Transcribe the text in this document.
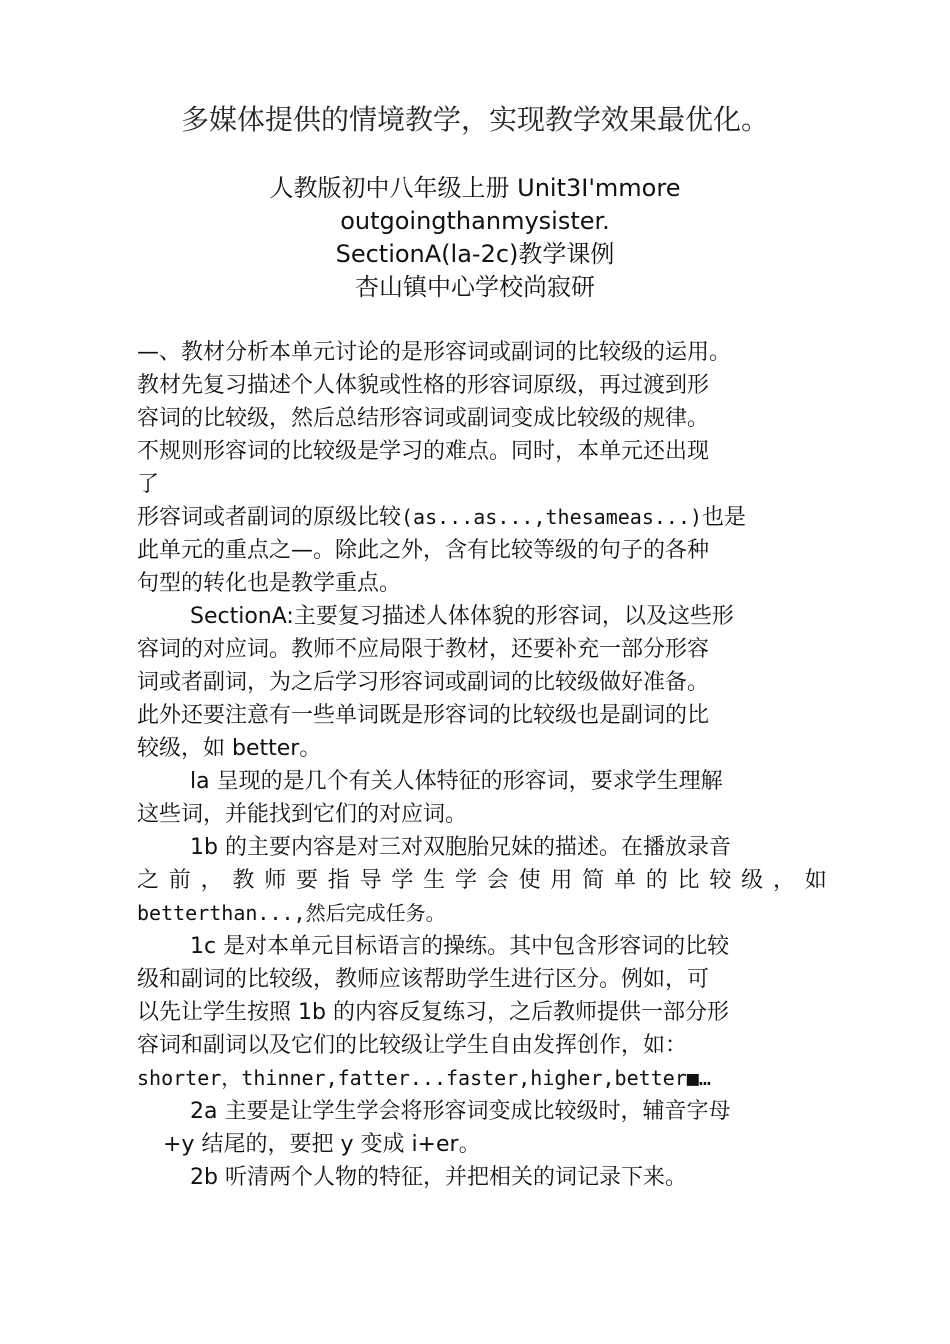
多媒体提供的情境教学，实现教学效果最优化。
人教版初中八年级上册 Unit3I'mmore
outgoingthanmysister.
SectionA(la-2c)教学课例
杏山镇中心学校尚寂研
—、教材分析本单元讨论的是形容词或副词的比较级的运用。
教材先复习描述个人体貌或性格的形容词原级，再过渡到形
容词的比较级，然后总结形容词或副词变成比较级的规律。
不规则形容词的比较级是学习的难点。同时，本单元还出现
了
形容词或者副词的原级比较(as...as...,thesameas...)也是
此单元的重点之—。除此之外，含有比较等级的句子的各种
句型的转化也是教学重点。
SectionA:主要复习描述人体体貌的形容词，以及这些形
容词的对应词。教师不应局限于教材，还要补充一部分形容
词或者副词，为之后学习形容词或副词的比较级做好准备。
此外还要注意有一些单词既是形容词的比较级也是副词的比
较级，如 better。
la 呈现的是几个有关人体特征的形容词，要求学生理解
这些词，并能找到它们的对应词。
1b 的主要内容是对三对双胞胎兄妹的描述。在播放录音
之 前 ， 教 师 要 指 导 学 生 学 会 使 用 简 单 的 比 较 级 ， 如
betterthan...,然后完成任务。
1c 是对本单元目标语言的操练。其中包含形容词的比较
级和副词的比较级，教师应该帮助学生进行区分。例如，可
以先让学生按照 1b 的内容反复练习，之后教师提供一部分形
容词和副词以及它们的比较级让学生自由发挥创作，如：
shorter，thinner,fatter...faster,higher,better■…
2a 主要是让学生学会将形容词变成比较级时，辅音字母
+y 结尾的，要把 y 变成 i+er。
2b 听清两个人物的特征，并把相关的词记录下来。
